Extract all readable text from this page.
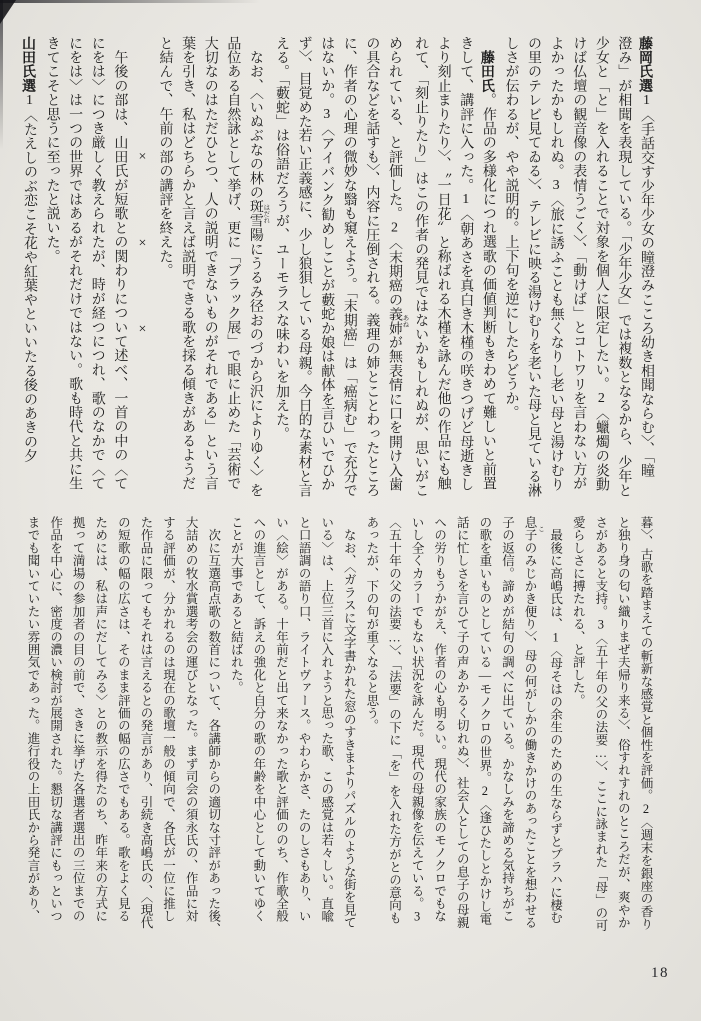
藤岡氏選1〈手話交す少年少女の瞳澄みこころ幼き相聞ならむ〉、「瞳
澄み」が相聞を表現している。「少年少女」では複数となるから、少年と
少女と「と」を入れることで対象を個人に限定したい。2〈蠟燭の炎動
けば仏壇の観音像の表情うごく〉、「動けば」とコトワリを言わない方が
よかったかもしれぬ。3〈旅に誘ふことも無くなりし老い母と湯けむり
の里のテレビ見てゐる〉、テレビに映る湯けむりを老いた母と見ている淋
しさが伝わるが、やや説明的。上下句を逆にしたらどうか。
　藤田氏。作品の多様化につれ選歌の価値判断もきわめて難しいと前置
きして、講評に入った。1〈朝あさを真白き木槿の咲きつげど母逝きし
より刻止まりたり〉、〝一日花〟と称ばれる木槿を詠んだ他の作品にも触
れて、「刻止りたり」はこの作者の発見ではないかもしれぬが、思いがこ
められている、と評価した。2〈末期癌の義姉 あねが無表情に口を開け入歯
の具合などを話すも〉、内容に圧倒される。義理の姉とことわったところ
に、作者の心理の微妙な翳も窺えよう。「末期癌」は「癌病む」で充分で
はないか。3〈アイバンク勧めしことが藪蛇か娘は献体を言ひいでひか
ず〉、目覚めた若い正義感に、少し狼狽している母親。今日的な素材と言
える。「藪蛇」は俗語だろうが、ユーモラスな味わいを加えた。
　なお、〈いぬぶなの林の斑雪 はだれ陽にうるみ径おのづから沢によりゆく〉を
品位ある自然詠として挙げ、更に「ブラック展」で眼に止めた「芸術で
大切なのはただひとつ、人の説明できないものがそれである」という言
葉を引き、私はどちらかと言えば説明できる歌を採る傾きがあるようだ
と結んで、午前の部の講評を終えた。
　　　　　　　　×　　　　　×　　　　　×
　午後の部は、山田氏が短歌との関わりについて述べ、一首の中の〈て
にをは〉につき厳しく教えられたが、時が経つにつれ、歌のなかで〈て
にをは〉は一つの世界ではあるがそれだけではない。歌も時代と共に生
きてこそと思うに至ったと説いた。
山田氏選1〈たえしのぶ恋こそ花や紅葉やといいたる後のあきの夕
暮〉、古歌を踏まえての斬新な感覚と個性を評価。2〈週末を銀座の香り
と独り身の匂い織りまぜ夫帰り来る〉、俗すれすれのところだが、爽やか
さがあると支持。3〈五十年の父の法要…〉、ここに詠まれた「母」の可
愛らしさに搏たれる、と評した。
　最後に高嶋氏は、1〈母そはの余生のための生ならずとプラハに棲む
息子 このみじかき便り〉、母の何がしかの働きかけのあったことを想わせる
子の返信。諦めが結句の調べに出ている。かなしみを諦める気持ちがこ
の歌を重いものとしている―モノクロの世界。2〈逢ひたしとかけし電
話に忙しさを言ひて子の声あかるく切れぬ〉、社会人としての息子の母親
への労りもうかがえ、作者の心も明るい。現代の家族のモノクロでもな
いし全くカラーでもない状況を詠んだ。現代の母親像を伝えている。3
〈五十年の父の法要…〉、「法要」の下に「を」を入れた方がとの意向も
あったが、下の句が重くなると思う。
　なお、〈ガラスに文字書かれた窓のすきまよりパズルのような街を見て
いる〉は、上位三首に入れようと思った歌、この感覚は若々しい。直喩
と口語調の語り口、ライトヴァース。やわらかさ、たのしさもあり、い
い〈絵〉がある。十年前だと出て来なかった歌と評価ののち、作歌全般
への進言として、訴えの強化と自分の歌の年齢を中心として動いてゆく
ことが大事であると結ばれた。
　次に互選高点歌の数首について、各講師からの適切な寸評があった後、
大詰めの牧水賞選考会の運びとなった。まず司会の須永氏の、作品に対
する評価が、分かれるのは現在の歌壇一般の傾向で、各氏が一位に推し
た作品に限ってもそれは言えるとの発言があり、引続き高嶋氏の、〈現代
の短歌の幅の広さは、そのまま評価の幅の広さでもある。歌をよく見る
ためには、私は声にだしてみる〉との教示を得たのち、昨年来の方式に
拠って満場の参加者の目の前で、さきに挙げた各選者選出の三位までの
作品を中心に、密度の濃い検討が展開された。懇切な講評にもっといつ
までも聞いていたい雰囲気であった。進行役の上田氏から発言があり、
18
